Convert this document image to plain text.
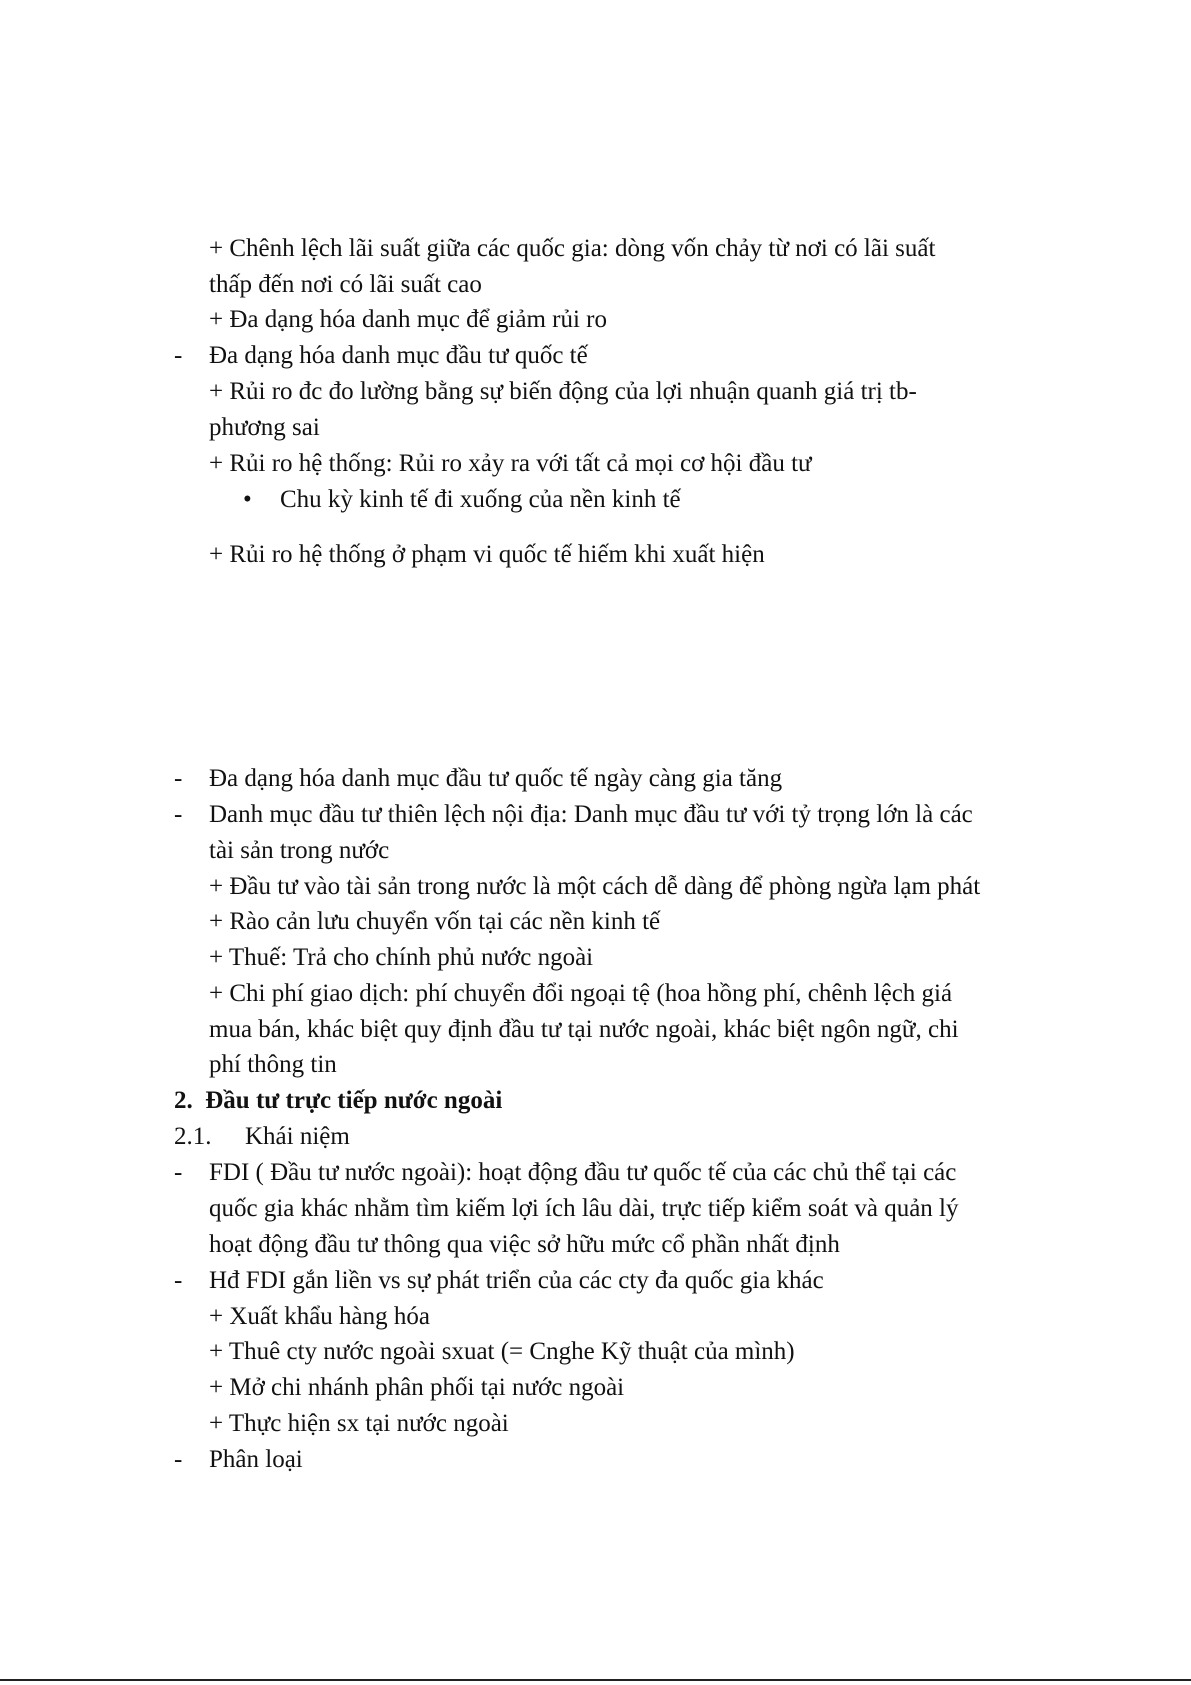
+ Chênh lệch lãi suất giữa các quốc gia: dòng vốn chảy từ nơi có lãi suất
thấp đến nơi có lãi suất cao
+ Đa dạng hóa danh mục để giảm rủi ro
- Đa dạng hóa danh mục đầu tư quốc tế
+ Rủi ro đc đo lường bằng sự biến động của lợi nhuận quanh giá trị tb-
phương sai
+ Rủi ro hệ thống: Rủi ro xảy ra với tất cả mọi cơ hội đầu tư
• Chu kỳ kinh tế đi xuống của nền kinh tế
+ Rủi ro hệ thống ở phạm vi quốc tế hiếm khi xuất hiện
- Đa dạng hóa danh mục đầu tư quốc tế ngày càng gia tăng
- Danh mục đầu tư thiên lệch nội địa: Danh mục đầu tư với tỷ trọng lớn là các
tài sản trong nước
+ Đầu tư vào tài sản trong nước là một cách dễ dàng để phòng ngừa lạm phát
+ Rào cản lưu chuyển vốn tại các nền kinh tế
+ Thuế: Trả cho chính phủ nước ngoài
+ Chi phí giao dịch: phí chuyển đổi ngoại tệ (hoa hồng phí, chênh lệch giá
mua bán, khác biệt quy định đầu tư tại nước ngoài, khác biệt ngôn ngữ, chi
phí thông tin
2.  Đầu tư trực tiếp nước ngoài
2.1. Khái niệm
- FDI ( Đầu tư nước ngoài): hoạt động đầu tư quốc tế của các chủ thể tại các
quốc gia khác nhằm tìm kiếm lợi ích lâu dài, trực tiếp kiểm soát và quản lý
hoạt động đầu tư thông qua việc sở hữu mức cổ phần nhất định
- Hđ FDI gắn liền vs sự phát triển của các cty đa quốc gia khác
+ Xuất khẩu hàng hóa
+ Thuê cty nước ngoài sxuat (= Cnghe Kỹ thuật của mình)
+ Mở chi nhánh phân phối tại nước ngoài
+ Thực hiện sx tại nước ngoài
- Phân loại
